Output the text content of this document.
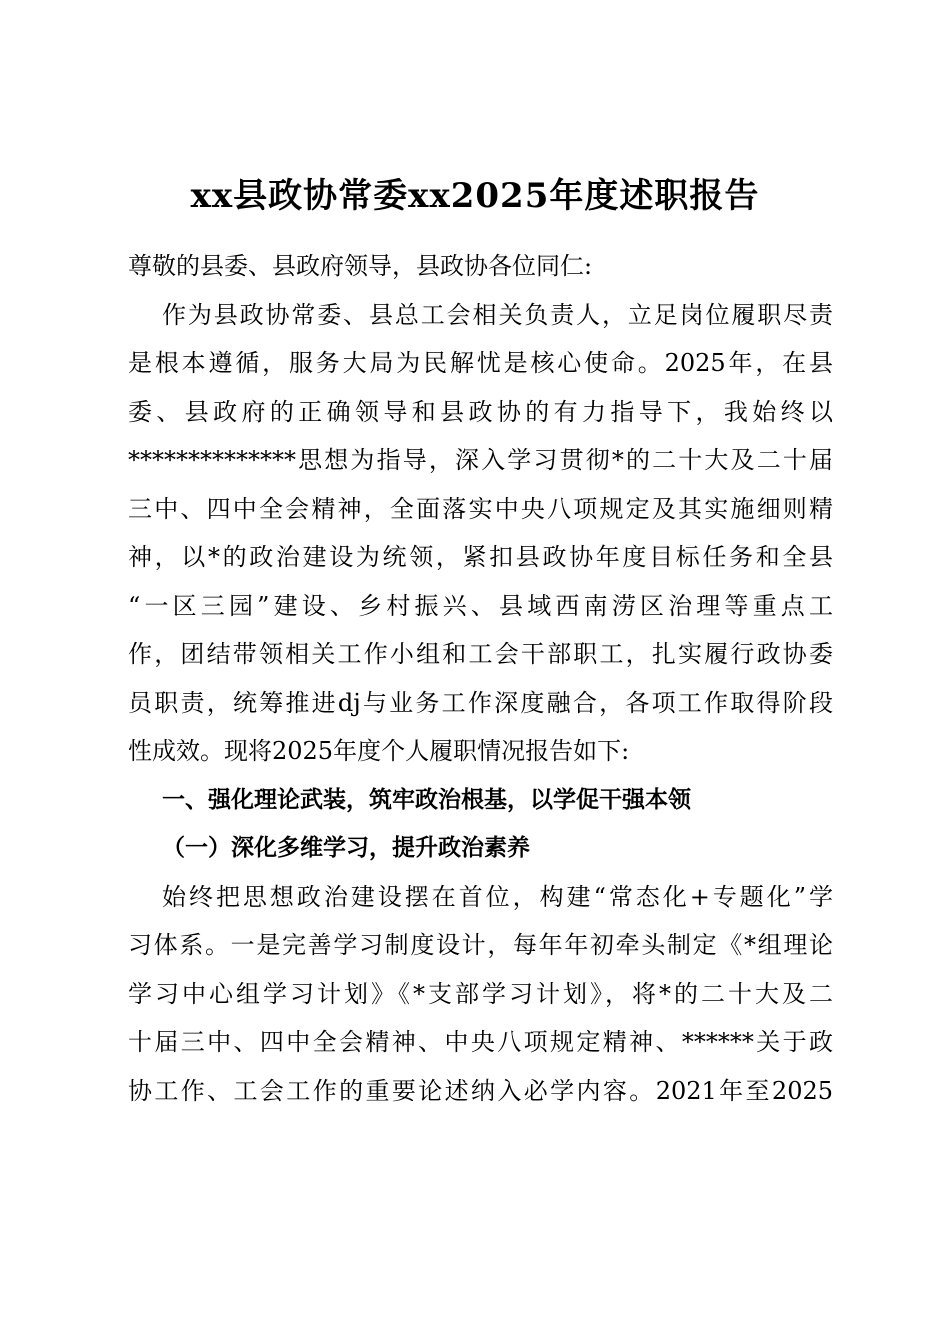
xx县政协常委xx2025年度述职报告
尊敬的县委、县政府领导，县政协各位同仁:
作为县政协常委、县总工会相关负责人，立足岗位履职尽责
是根本遵循，服务大局为民解忧是核心使命。2025年，在县
委、县政府的正确领导和县政协的有力指导下，我始终以
**************思想为指导，深入学习贯彻*的二十大及二十届
三中、四中全会精神，全面落实中央八项规定及其实施细则精
神，以*的政治建设为统领，紧扣县政协年度目标任务和全县
“一区三园”建设、乡村振兴、县域西南涝区治理等重点工
作，团结带领相关工作小组和工会干部职工，扎实履行政协委
员职责，统筹推进dj与业务工作深度融合，各项工作取得阶段
性成效。现将2025年度个人履职情况报告如下:
一、强化理论武装，筑牢政治根基，以学促干强本领
（一）深化多维学习，提升政治素养
始终把思想政治建设摆在首位，构建“常态化+专题化”学
习体系。一是完善学习制度设计，每年年初牵头制定《*组理论
学习中心组学习计划》《*支部学习计划》，将*的二十大及二
十届三中、四中全会精神、中央八项规定精神、******关于政
协工作、工会工作的重要论述纳入必学内容。2021年至2025
